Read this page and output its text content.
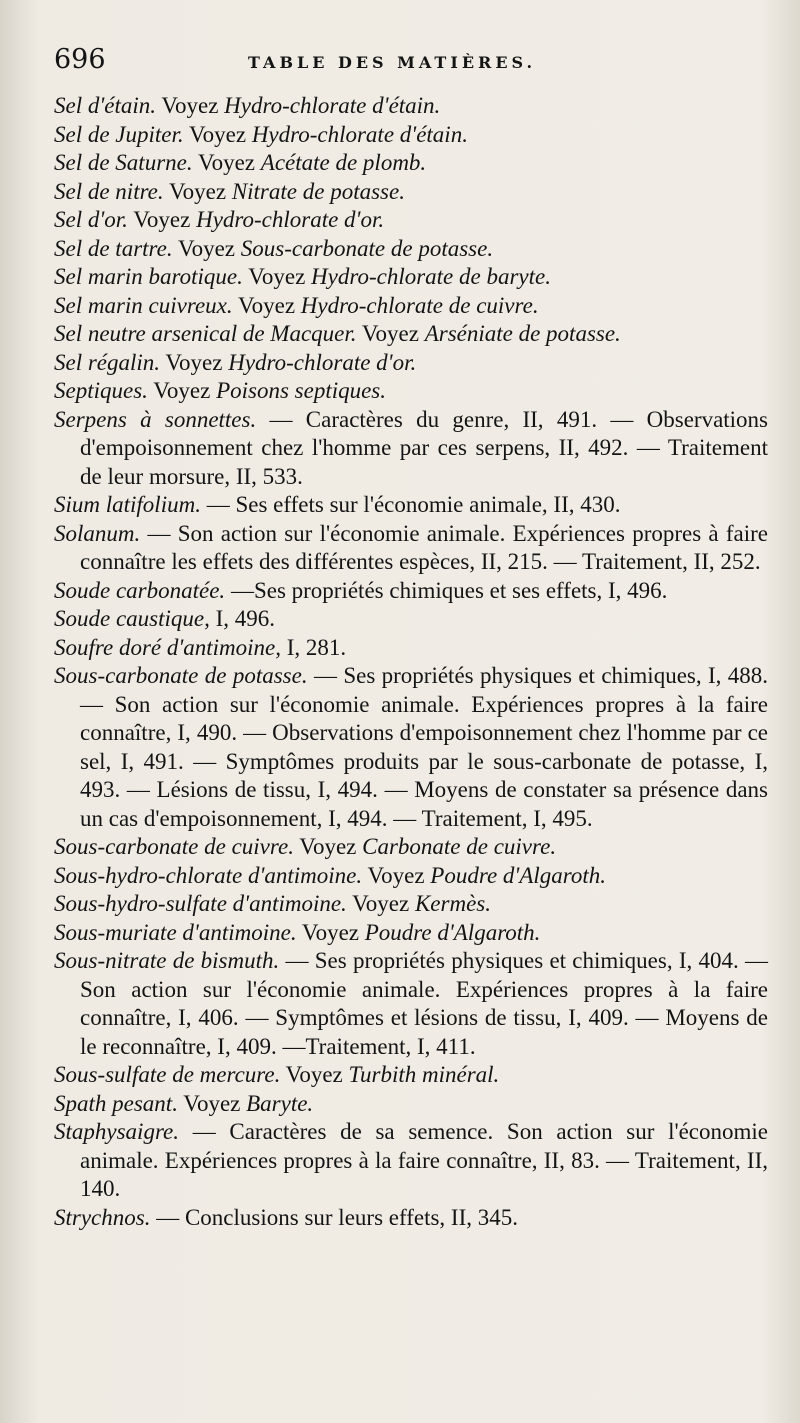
696	TABLE DES MATIÈRES.

Sel d'étain. Voyez Hydro-chlorate d'étain.

Sel de Jupiter. Voyez Hydro-chlorate d'étain.

Sel de Saturne. Voyez Acétate de plomb.

Sel de nitre. Voyez Nitrate de potasse.

Sel d'or. Voyez Hydro-chlorate d'or.

Sel de tartre. Voyez Sous-carbonate de potasse.

Sel marin barotique. Voyez Hydro-chlorate de baryte.

Sel marin cuivreux. Voyez Hydro-chlorate de cuivre.

Sel neutre arsenical de Macquer. Voyez Arséniate de potasse.

Sel régalin. Voyez Hydro-chlorate d'or.

Septiques. Voyez Poisons septiques.

Serpens à sonnettes. — Caractères du genre, II, 491. — Observations d'empoisonnement chez l'homme par ces serpens, II, 492. — Traitement de leur morsure, II, 533.

Sium latifolium. — Ses effets sur l'économie animale, II, 430.

Solanum. — Son action sur l'économie animale. Expériences propres à faire connaître les effets des différentes espèces, II, 215. — Traitement, II, 252.

Soude carbonatée. —Ses propriétés chimiques et ses effets, I, 496.

Soude caustique, I, 496.

Soufre doré d'antimoine, I, 281.

Sous-carbonate de potasse. — Ses propriétés physiques et chimiques, I, 488. — Son action sur l'économie animale. Expériences propres à la faire connaître, I, 490. — Observations d'empoisonnement chez l'homme par ce sel, I, 491. — Symptômes produits par le sous-carbonate de potasse, I, 493. — Lésions de tissu, I, 494. — Moyens de constater sa présence dans un cas d'empoisonnement, I, 494. — Traitement, I, 495.

Sous-carbonate de cuivre. Voyez Carbonate de cuivre.

Sous-hydro-chlorate d'antimoine. Voyez Poudre d'Algaroth.

Sous-hydro-sulfate d'antimoine. Voyez Kermès.

Sous-muriate d'antimoine. Voyez Poudre d'Algaroth.

Sous-nitrate de bismuth. — Ses propriétés physiques et chimiques, I, 404. — Son action sur l'économie animale. Expériences propres à la faire connaître, I, 406. — Symptômes et lésions de tissu, I, 409. — Moyens de le reconnaître, I, 409. —Traitement, I, 411.

Sous-sulfate de mercure. Voyez Turbith minéral.

Spath pesant. Voyez Baryte.

Staphysaigre. — Caractères de sa semence. Son action sur l'économie animale. Expériences propres à la faire connaître, II, 83. — Traitement, II, 140.

Strychnos. — Conclusions sur leurs effets, II, 345.
